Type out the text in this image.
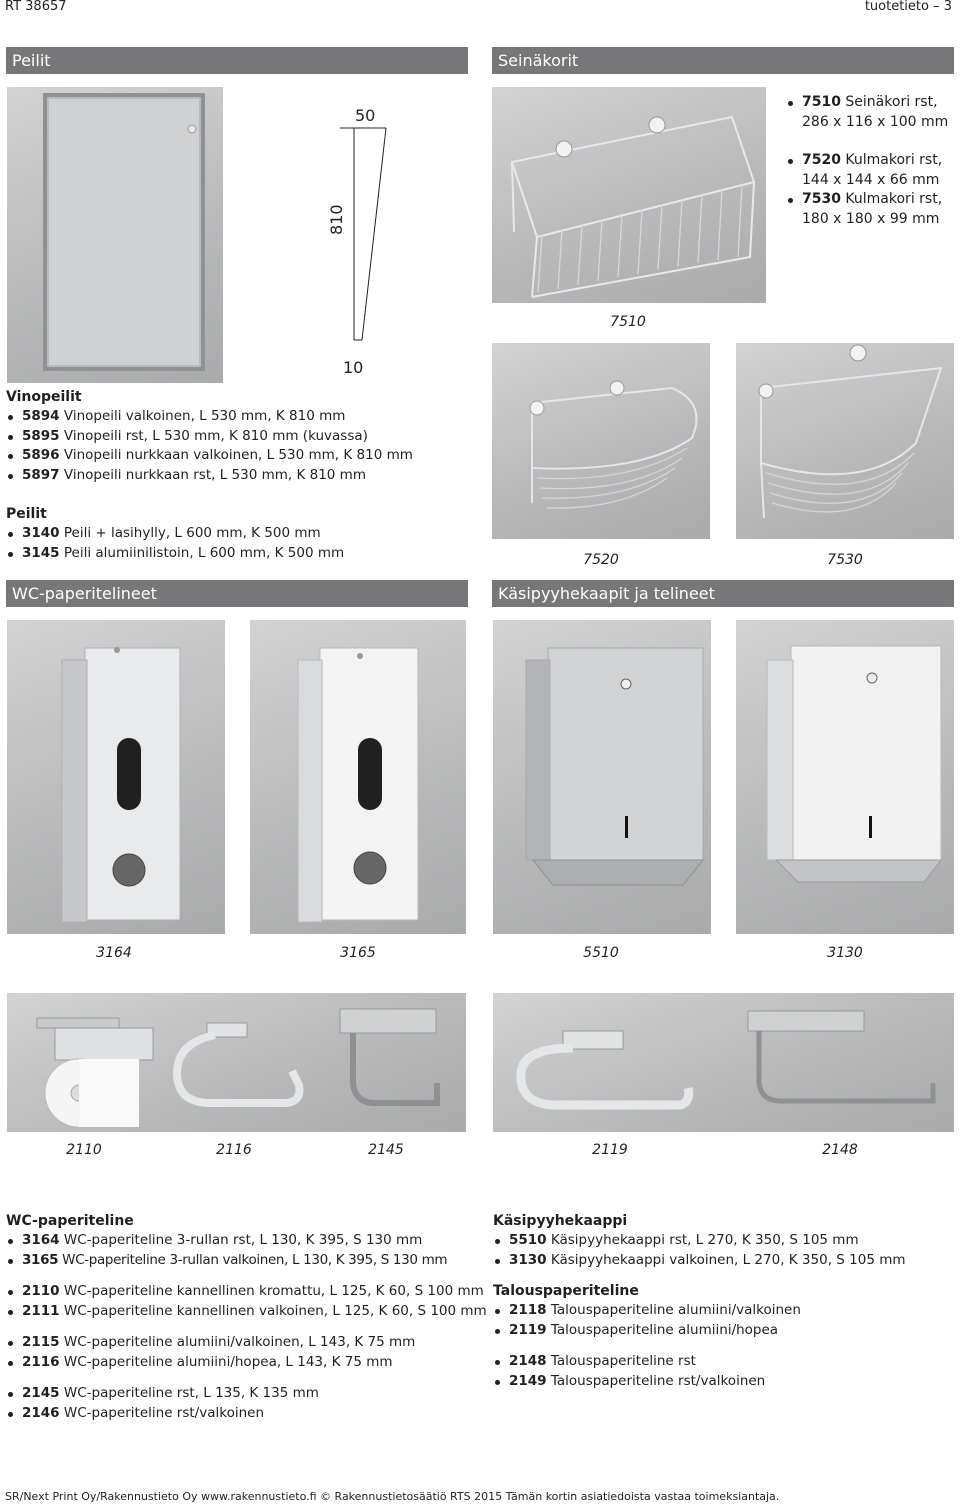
RT 38657	tuotetieto – 3
Peilit	Seinäkorit
WC-paperitelineet	Käsipyyhekaapit ja telineet
50
810
10
7510 Seinäkori rst,
286 x 116 x 100 mm
7520 Kulmakori rst,
144 x 144 x 66 mm
7530 Kulmakori rst,
180 x 180 x 99 mm
7510
7520	7530
Vinopeilit
5894 Vinopeili valkoinen, L 530 mm, K 810 mm
5895 Vinopeili rst, L 530 mm, K 810 mm (kuvassa)
5896 Vinopeili nurkkaan valkoinen, L 530 mm, K 810 mm
5897 Vinopeili nurkkaan rst, L 530 mm, K 810 mm
Peilit
3140 Peili + lasihylly, L 600 mm, K 500 mm
3145 Peili alumiinilistoin, L 600 mm, K 500 mm
3164	3165	5510	3130
2110	2116	2145	2119	2148
WC-paperiteline
3164 WC-paperiteline 3-rullan rst, L 130, K 395, S 130 mm
3165 WC-paperiteline 3-rullan valkoinen, L 130, K 395, S 130 mm
2110 WC-paperiteline kannellinen kromattu, L 125, K 60, S 100 mm
2111 WC-paperiteline kannellinen valkoinen, L 125, K 60, S 100 mm
2115 WC-paperiteline alumiini/valkoinen, L 143, K 75 mm
2116 WC-paperiteline alumiini/hopea, L 143, K 75 mm
2145 WC-paperiteline rst, L 135, K 135 mm
2146 WC-paperiteline rst/valkoinen
Käsipyyhekaappi
5510 Käsipyyhekaappi rst, L 270, K 350, S 105 mm
3130 Käsipyyhekaappi valkoinen, L 270, K 350, S 105 mm
Talouspaperiteline
2118 Talouspaperiteline alumiini/valkoinen
2119 Talouspaperiteline alumiini/hopea
2148 Talouspaperiteline rst
2149 Talouspaperiteline rst/valkoinen
SR/Next Print Oy/Rakennustieto Oy www.rakennustieto.fi © Rakennustietosäätiö RTS 2015 Tämän kortin asiatiedoista vastaa toimeksiantaja.
